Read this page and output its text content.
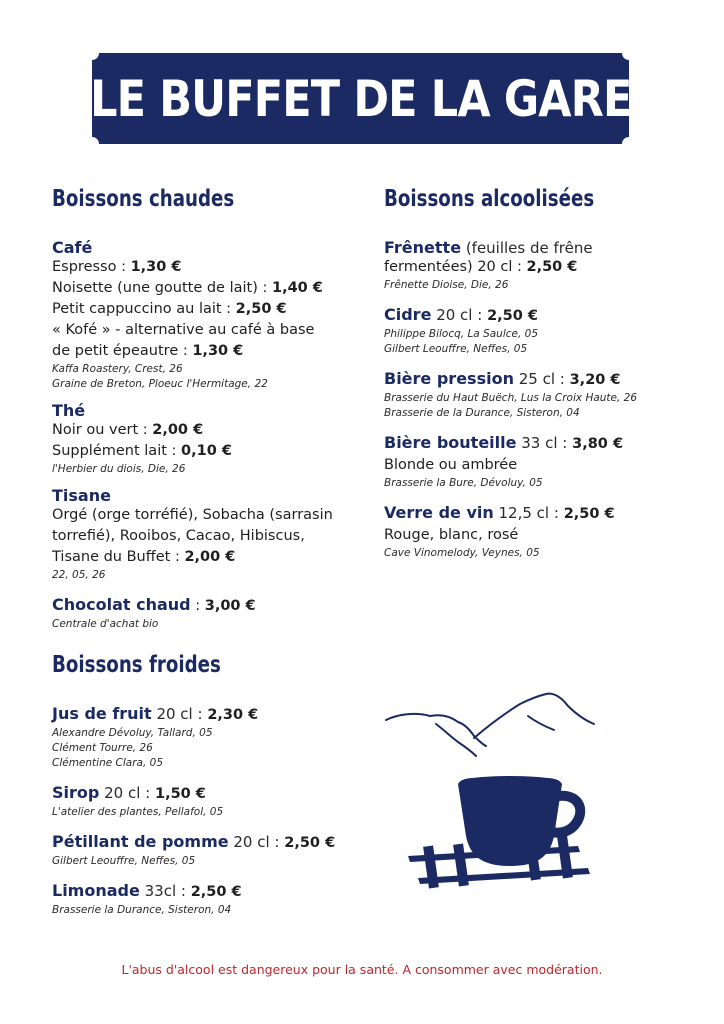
LE BUFFET DE LA GARE
Boissons chaudes
Café
Espresso : 1,30 €
Noisette (une goutte de lait) : 1,40 €
Petit cappuccino au lait : 2,50 €
« Kofé » - alternative au café à base
de petit épeautre : 1,30 €
Kaffa Roastery, Crest, 26
Graine de Breton, Ploeuc l'Hermitage, 22
Thé
Noir ou vert : 2,00 €
Supplément lait : 0,10 €
l'Herbier du diois, Die, 26
Tisane
Orgé (orge torréfié), Sobacha (sarrasin
torrefié), Rooibos, Cacao, Hibiscus,
Tisane du Buffet : 2,00 €
22, 05, 26
Chocolat chaud : 3,00 €
Centrale d'achat bio
Boissons froides
Jus de fruit 20 cl : 2,30 €
Alexandre Dévoluy, Tallard, 05
Clément Tourre, 26
Clémentine Clara, 05
Sirop 20 cl : 1,50 €
L'atelier des plantes, Pellafol, 05
Pétillant de pomme 20 cl : 2,50 €
Gilbert Leouffre, Neffes, 05
Limonade 33cl : 2,50 €
Brasserie la Durance, Sisteron, 04
Boissons alcoolisées
Frênette (feuilles de frêne
fermentées) 20 cl : 2,50 €
Frênette Dioise, Die, 26
Cidre 20 cl : 2,50 €
Philippe Bilocq, La Saulce, 05
Gilbert Leouffre, Neffes, 05
Bière pression 25 cl : 3,20 €
Brasserie du Haut Buëch, Lus la Croix Haute, 26
Brasserie de la Durance, Sisteron, 04
Bière bouteille 33 cl : 3,80 €
Blonde ou ambrée
Brasserie la Bure, Dévoluy, 05
Verre de vin 12,5 cl : 2,50 €
Rouge, blanc, rosé
Cave Vinomelody, Veynes, 05
L'abus d'alcool est dangereux pour la santé. A consommer avec modération.
